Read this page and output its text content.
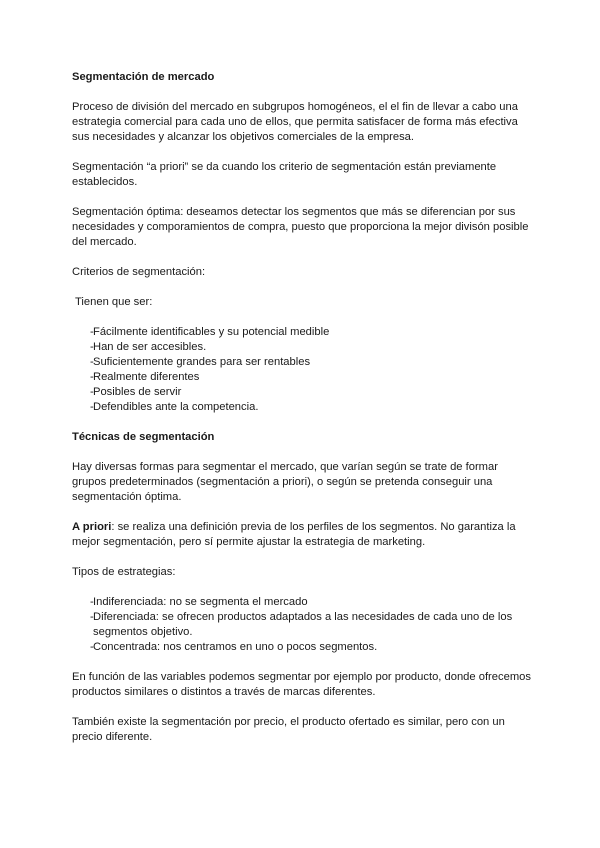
Segmentación de mercado

Proceso de división del mercado en subgrupos homogéneos, el el fin de llevar a cabo una estrategia comercial para cada uno de ellos, que permita satisfacer de forma más efectiva sus necesidades y alcanzar los objetivos comerciales de la empresa.

Segmentación “a priori” se da cuando los criterio de segmentación están previamente establecidos.

Segmentación óptima: deseamos detectar los segmentos que más se diferencian por sus necesidades y comporamientos de compra, puesto que proporciona la mejor divisón posible del mercado.

Criterios de segmentación:

Tienen que ser:

- Fácilmente identificables y su potencial medible
- Han de ser accesibles.
- Suficientemente grandes para ser rentables
- Realmente diferentes
- Posibles de servir
- Defendibles ante la competencia.
Técnicas de segmentación

Hay diversas formas para segmentar el mercado, que varían según se trate de formar grupos predeterminados (segmentación a priori), o según se pretenda conseguir una segmentación óptima.

A priori: se realiza una definición previa de los perfiles de los segmentos. No garantiza la mejor segmentación, pero sí permite ajustar la estrategia de marketing.

Tipos de estrategias:

- Indiferenciada: no se segmenta el mercado
- Diferenciada: se ofrecen productos adaptados a las necesidades de cada uno de los segmentos objetivo.
- Concentrada: nos centramos en uno o pocos segmentos.

En función de las variables podemos segmentar por ejemplo por producto, donde ofrecemos productos similares o distintos a través de marcas diferentes.

También existe la segmentación por precio, el producto ofertado es similar, pero con un precio diferente.
